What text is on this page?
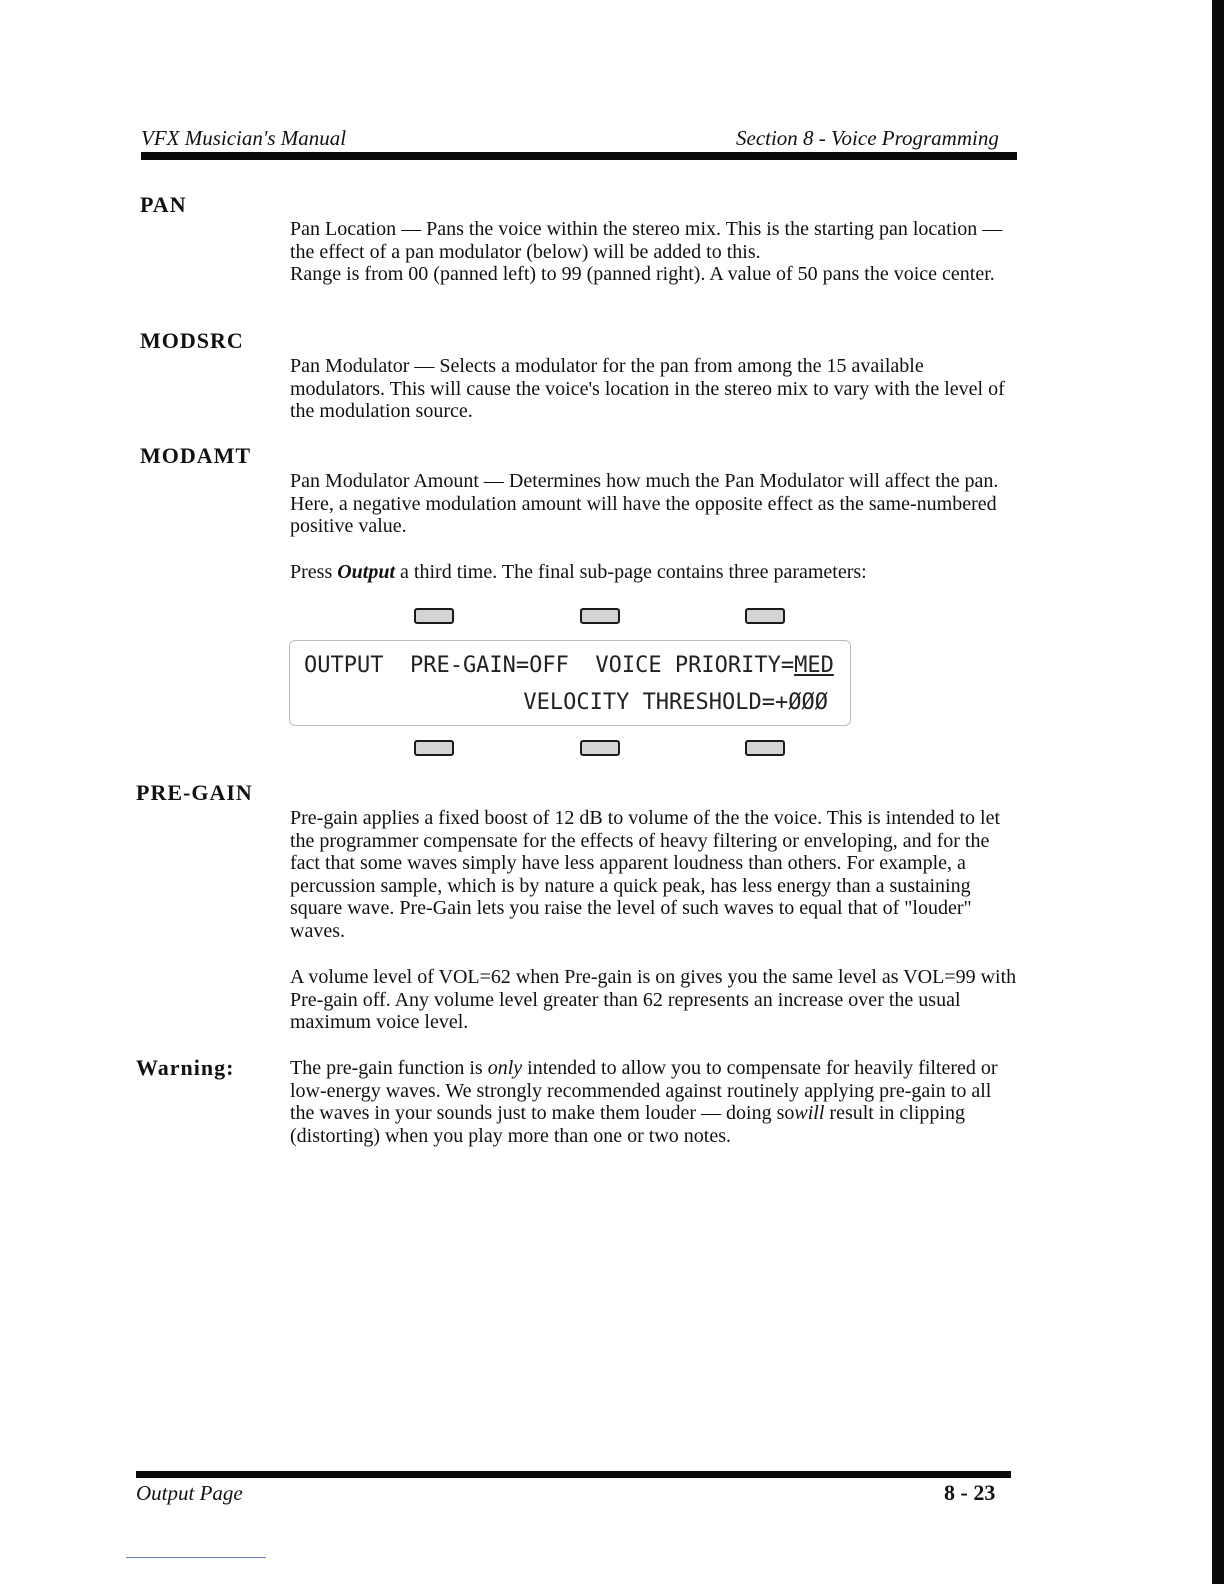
VFX Musician's Manual	Section 8 - Voice Programming
PAN

Pan Location — Pans the voice within the stereo mix. This is the starting pan location — the effect of a pan modulator (below) will be added to this.
Range is from 00 (panned left) to 99 (panned right). A value of 50 pans the voice center.

MODSRC

Pan Modulator — Selects a modulator for the pan from among the 15 available modulators. This will cause the voice's location in the stereo mix to vary with the level of the modulation source.

MODAMT

Pan Modulator Amount — Determines how much the Pan Modulator will affect the pan. Here, a negative modulation amount will have the opposite effect as the same-numbered positive value.

Press Output a third time. The final sub-page contains three parameters:

OUTPUT  PRE-GAIN=OFF  VOICE PRIORITY=MED
VELOCITY THRESHOLD=+ØØØ
PRE-GAIN

Pre-gain applies a fixed boost of 12 dB to volume of the the voice. This is intended to let the programmer compensate for the effects of heavy filtering or enveloping, and for the fact that some waves simply have less apparent loudness than others. For example, a percussion sample, which is by nature a quick peak, has less energy than a sustaining square wave. Pre-Gain lets you raise the level of such waves to equal that of "louder" waves.

A volume level of VOL=62 when Pre-gain is on gives you the same level as VOL=99 with Pre-gain off. Any volume level greater than 62 represents an increase over the usual maximum voice level.

Warning:	The pre-gain function is only intended to allow you to compensate for heavily filtered or low-energy waves. We strongly recommended against routinely applying pre-gain to all the waves in your sounds just to make them louder — doing sowill result in clipping (distorting) when you play more than one or two notes.

Output Page	8 - 23
